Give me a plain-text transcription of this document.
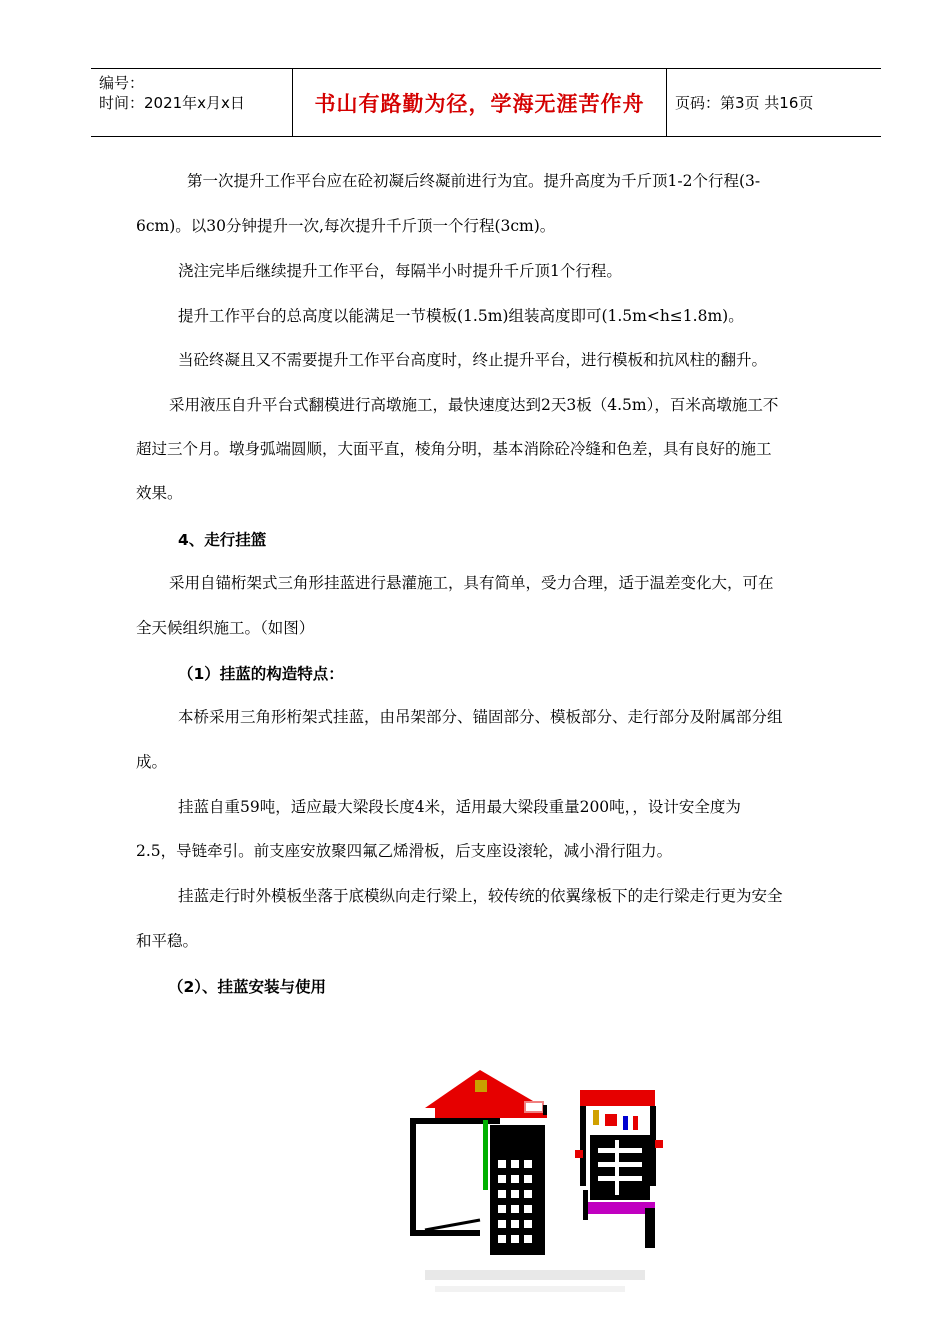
编号：
时间：2021年x月x日	书山有路勤为径，学海无涯苦作舟 页码：第3页 共16页
第一次提升工作平台应在砼初凝后终凝前进行为宜。提升高度为千斤顶1-2个行程(3-
6cm)。以30分钟提升一次,每次提升千斤顶一个行程(3cm)。
浇注完毕后继续提升工作平台，每隔半小时提升千斤顶1个行程。
提升工作平台的总高度以能满足一节模板(1.5m)组装高度即可(1.5m<h≤1.8m)。
当砼终凝且又不需要提升工作平台高度时，终止提升平台，进行模板和抗风柱的翻升。
采用液压自升平台式翻模进行高墩施工，最快速度达到2天3板（4.5m），百米高墩施工不
超过三个月。墩身弧端圆顺，大面平直，棱角分明，基本消除砼冷缝和色差，具有良好的施工
效果。
4、走行挂篮
采用自锚桁架式三角形挂蓝进行悬灌施工，具有简单，受力合理，适于温差变化大，可在
全天候组织施工。（如图）
（1）挂蓝的构造特点：
本桥采用三角形桁架式挂蓝，由吊架部分、锚固部分、模板部分、走行部分及附属部分组
成。
挂蓝自重59吨，适应最大梁段长度4米，适用最大梁段重量200吨，，设计安全度为
2.5，导链牵引。前支座安放聚四氟乙烯滑板，后支座设滚轮，减小滑行阻力。
挂蓝走行时外模板坐落于底模纵向走行梁上，较传统的依翼缘板下的走行梁走行更为安全
和平稳。
（2）、挂蓝安装与使用
